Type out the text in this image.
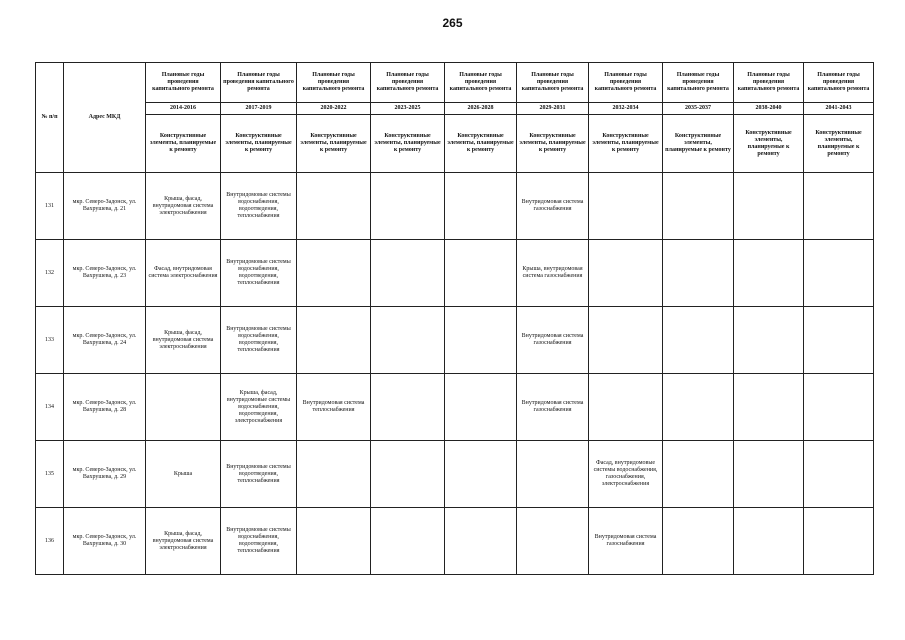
265
№ п/п	Адрес МКД	Плановые годы проведения капитального ремонта	Плановые годы проведения капитального ремонта	Плановые годы проведения капитального ремонта	Плановые годы проведения капитального ремонта	Плановые годы проведения капитального ремонта	Плановые годы проведения капитального ремонта	Плановые годы проведения капитального ремонта	Плановые годы проведения капитального ремонта	Плановые годы проведения капитального ремонта	Плановые годы проведения капитального ремонта
		2014-2016	2017-2019	2020-2022	2023-2025	2026-2028	2029-2031	2032-2034	2035-2037	2038-2040	2041-2043
		Конструктивные элементы, планируемые к ремонту	Конструктивные элементы, планируемые к ремонту	Конструктивные элементы, планируемые к ремонту	Конструктивные элементы, планируемые к ремонту	Конструктивные элементы, планируемые к ремонту	Конструктивные элементы, планируемые к ремонту	Конструктивные элементы, планируемые к ремонту	Конструктивные элементы, планируемые к ремонту	Конструктивные элементы, планируемые к ремонту	Конструктивные элементы, планируемые к ремонту
131	мкр. Северо-Задонск, ул. Вахрушева, д. 21	Крыша, фасад, внутридомовая система электроснабжения	Внутридомовые системы водоснабжения, водоотведения, теплоснабжения				Внутридомовая система газоснабжения				
132	мкр. Северо-Задонск, ул. Вахрушева, д. 23	Фасад, внутридомовая система электроснабжения	Внутридомовые системы водоснабжения, водоотведения, теплоснабжения				Крыша, внутридомовая система газоснабжения				
133	мкр. Северо-Задонск, ул. Вахрушева, д. 24	Крыша, фасад, внутридомовая система электроснабжения	Внутридомовые системы водоснабжения, водоотведения, теплоснабжения				Внутридомовая система газоснабжения				
134	мкр. Северо-Задонск, ул. Вахрушева, д. 28		Крыша, фасад, внутридомовые системы водоснабжения, водоотведения, электроснабжения	Внутридомовая система теплоснабжения			Внутридомовая система газоснабжения				
135	мкр. Северо-Задонск, ул. Вахрушева, д. 29	Крыша	Внутридомовые системы водоотведения, теплоснабжения					Фасад, внутридомовые системы водоснабжения, газоснабжения, электроснабжения			
136	мкр. Северо-Задонск, ул. Вахрушева, д. 30	Крыша, фасад, внутридомовая система электроснабжения	Внутридомовые системы водоснабжения, водоотведения, теплоснабжения					Внутридомовая система газоснабжения			
